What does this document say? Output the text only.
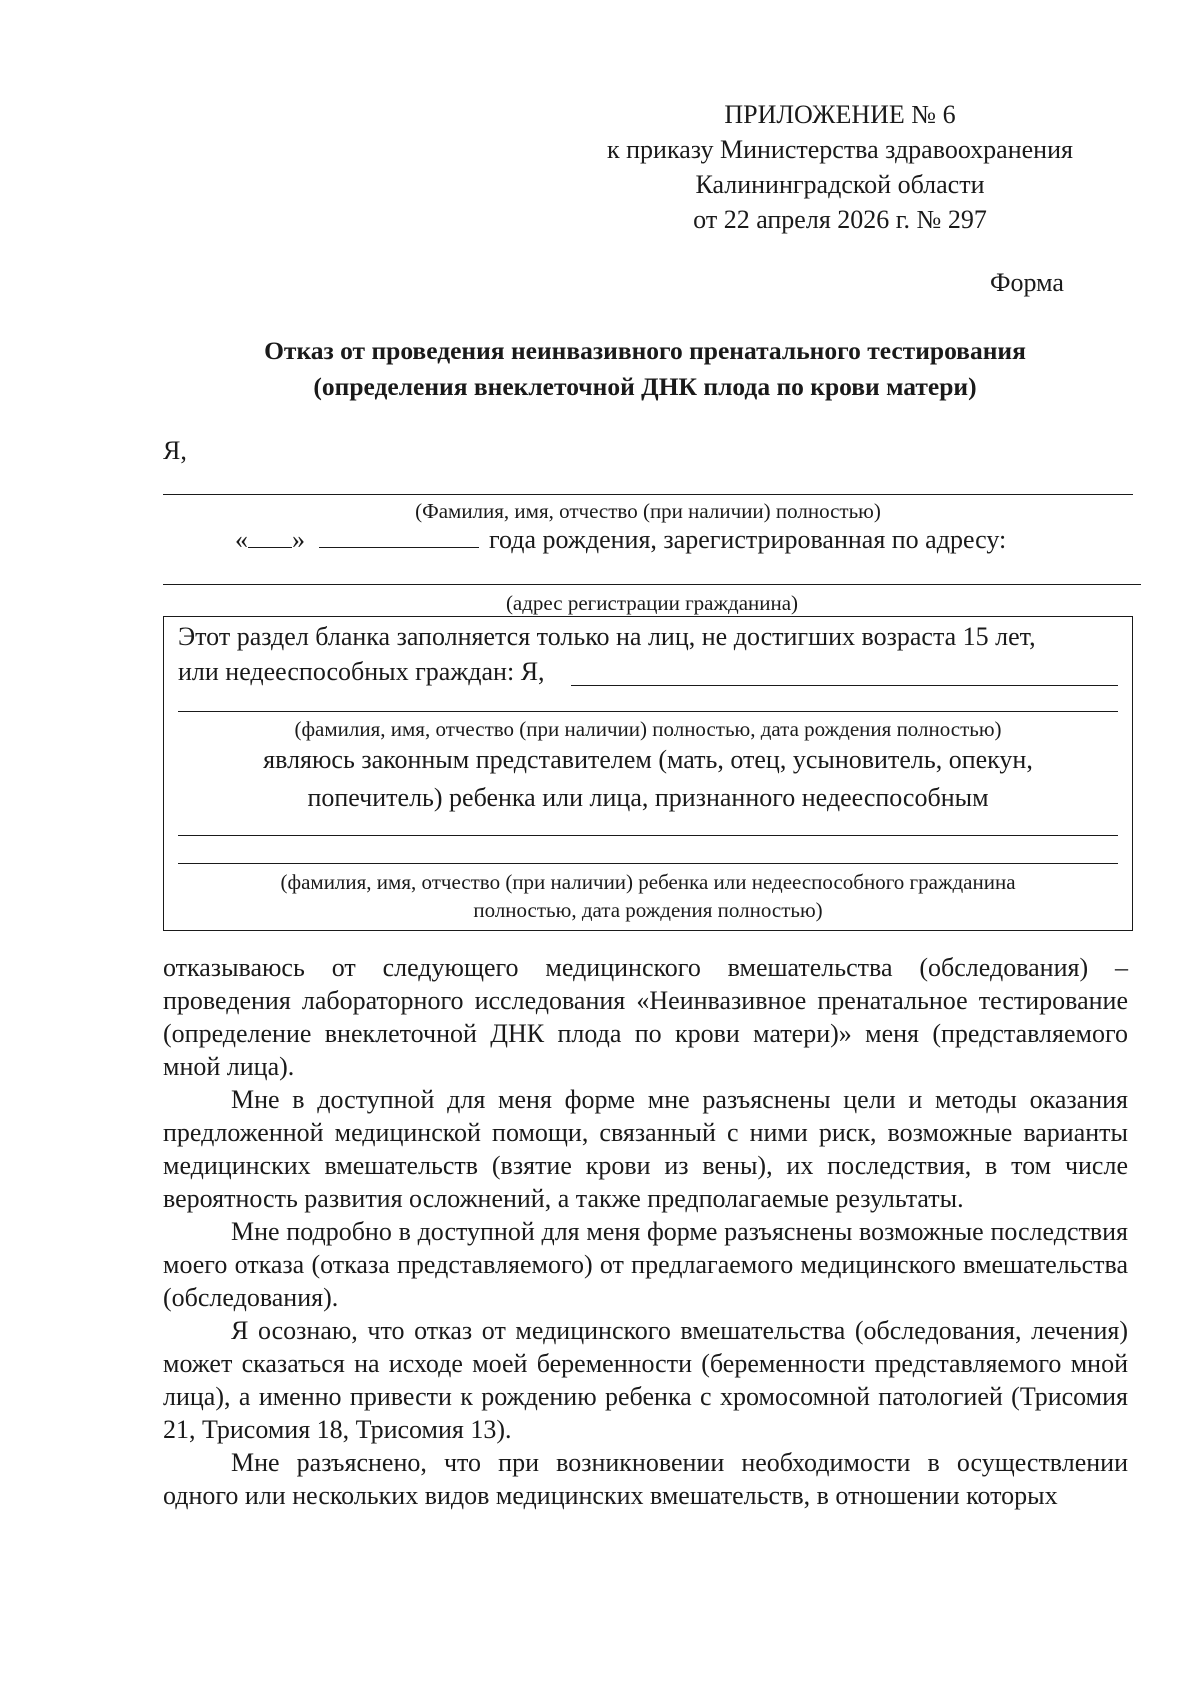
ПРИЛОЖЕНИЕ № 6
к приказу Министерства здравоохранения
Калининградской области
от 22 апреля 2026 г. № 297
Форма
Отказ от проведения неинвазивного пренатального тестирования
(определения внеклеточной ДНК плода по крови матери)
Я,
(Фамилия, имя, отчество (при наличии) полностью)
« »	года рождения, зарегистрированная по адресу:
(адрес регистрации гражданина)
Этот раздел бланка заполняется только на лиц, не достигших возраста 15 лет,
или недееспособных граждан: Я,
(фамилия, имя, отчество (при наличии) полностью, дата рождения полностью)
являюсь законным представителем (мать, отец, усыновитель, опекун,
попечитель) ребенка или лица, признанного недееспособным
(фамилия, имя, отчество (при наличии) ребенка или недееспособного гражданина
полностью, дата рождения полностью)

отказываюсь от следующего медицинского вмешательства (обследования) – проведения лабораторного исследования «Неинвазивное пренатальное тестирование (определение внеклеточной ДНК плода по крови матери)» меня (представляемого мной лица).

Мне в доступной для меня форме мне разъяснены цели и методы оказания предложенной медицинской помощи, связанный с ними риск, возможные варианты медицинских вмешательств (взятие крови из вены), их последствия, в том числе вероятность развития осложнений, а также предполагаемые результаты.

Мне подробно в доступной для меня форме разъяснены возможные последствия моего отказа (отказа представляемого) от предлагаемого медицинского вмешательства (обследования).

Я осознаю, что отказ от медицинского вмешательства (обследования, лечения) может сказаться на исходе моей беременности (беременности представляемого мной лица), а именно привести к рождению ребенка с хромосомной патологией (Трисомия 21, Трисомия 18, Трисомия 13).

Мне разъяснено, что при возникновении необходимости в осуществлении одного или нескольких видов медицинских вмешательств, в отношении которых
